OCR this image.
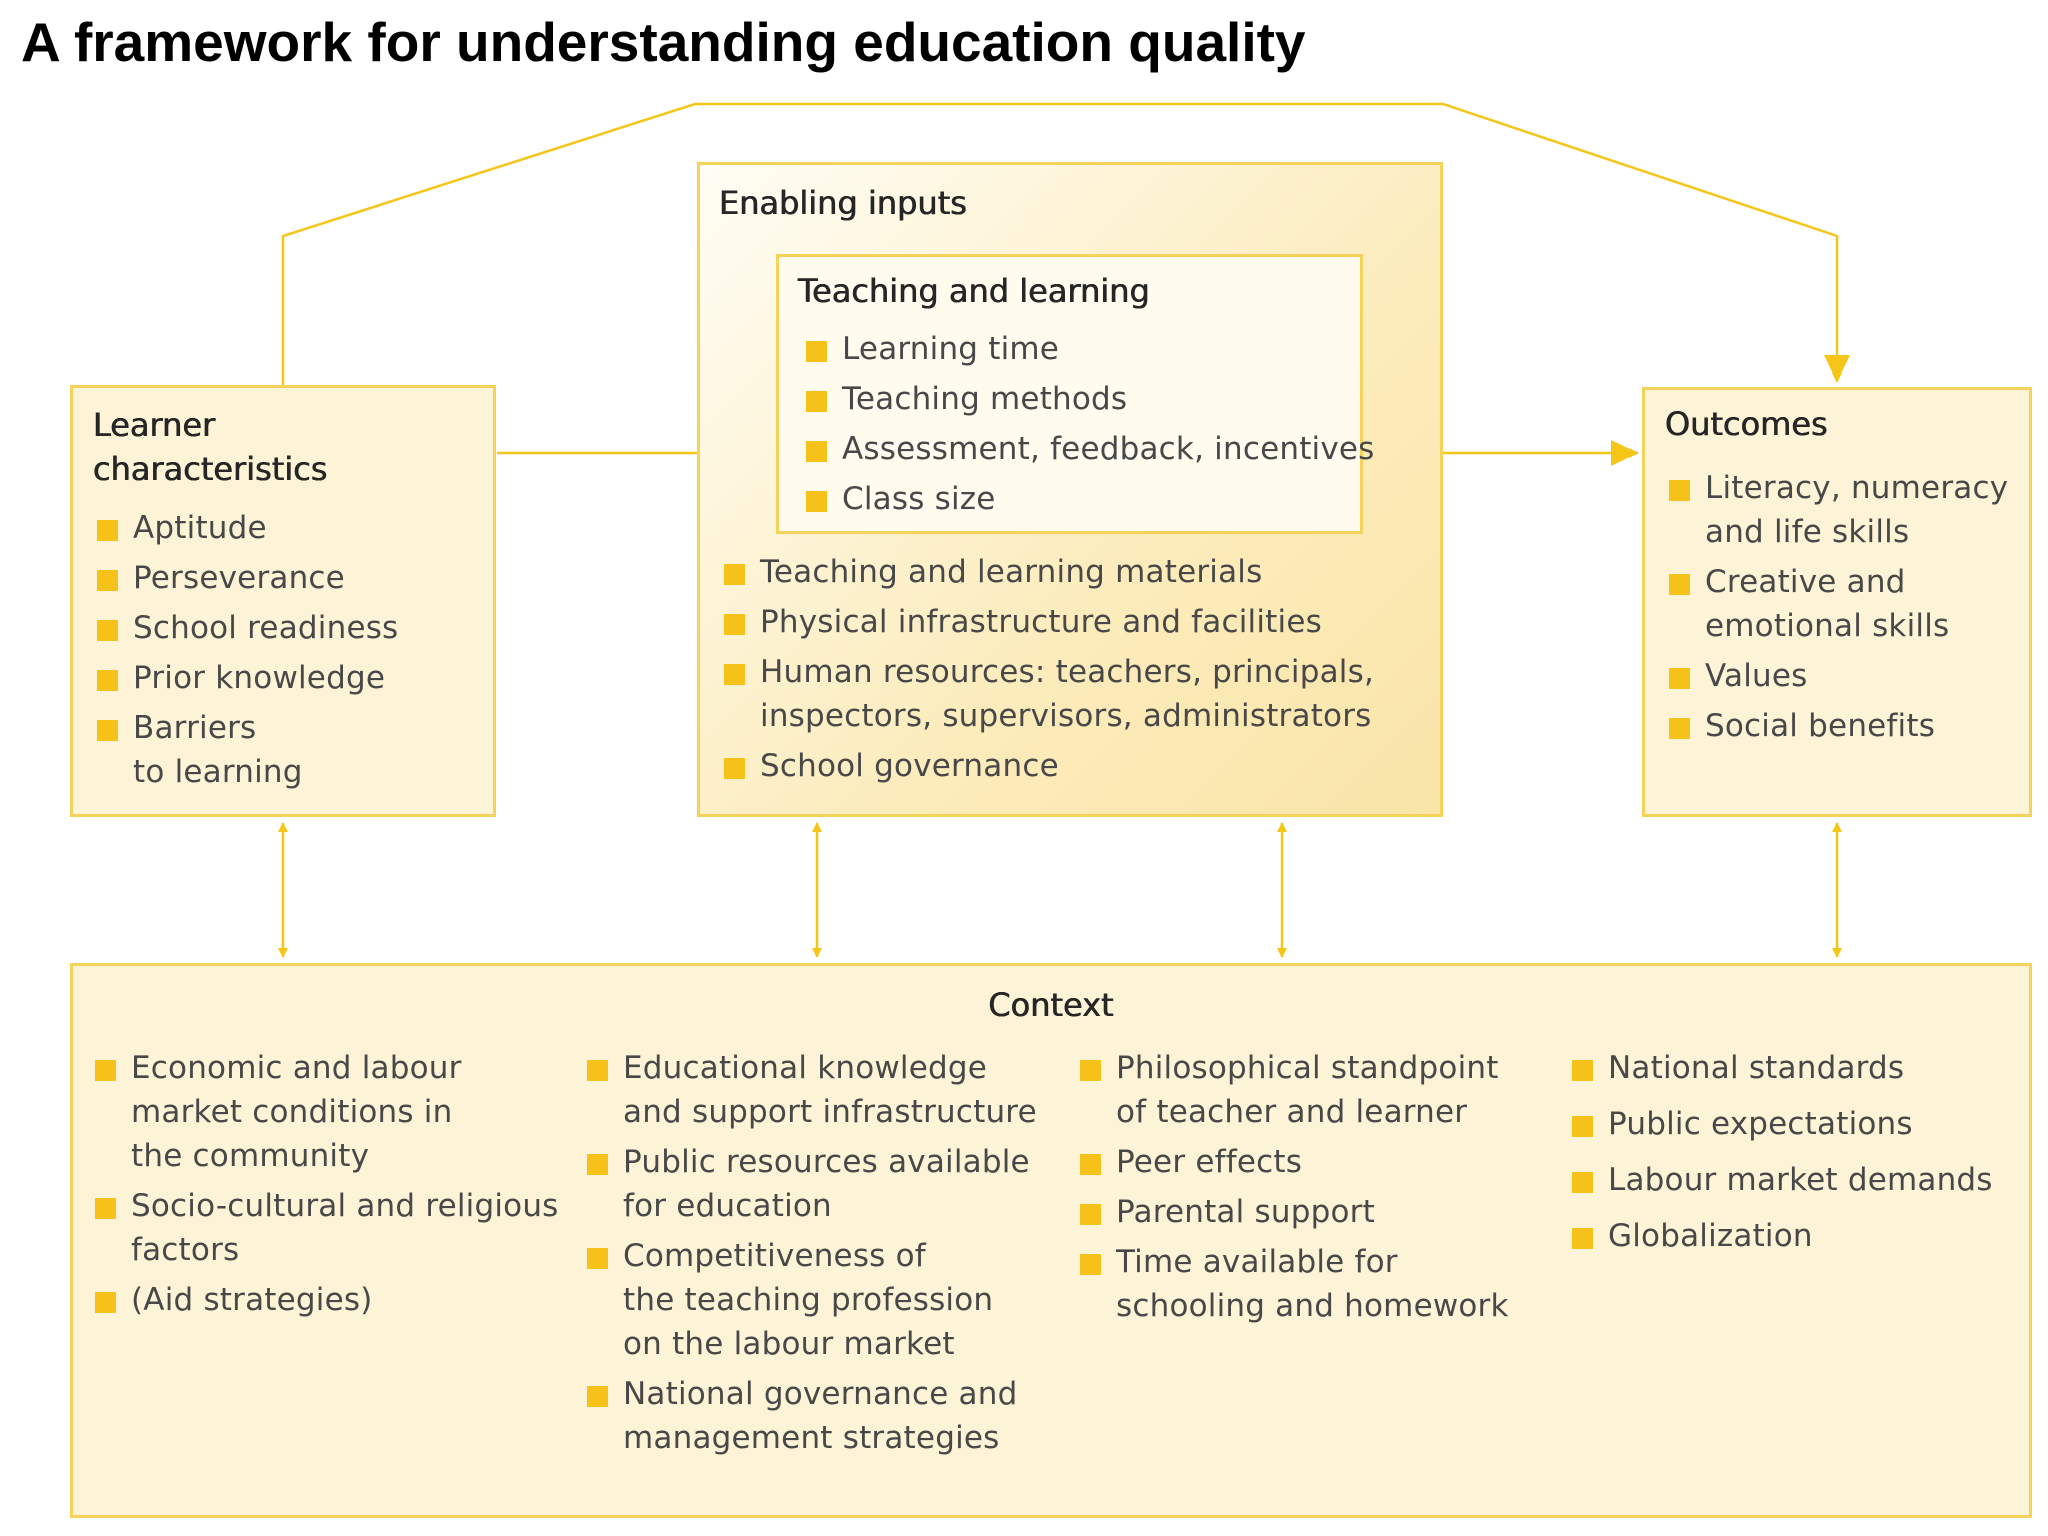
A framework for understanding education quality
Learner
characteristics
Aptitude
Perseverance
School readiness
Prior knowledge
Barriers
to learning
Enabling inputs
Teaching and learning materials
Physical infrastructure and facilities
Human resources: teachers, principals,
inspectors, supervisors, administrators
School governance
Teaching and learning
Learning time
Teaching methods
Assessment, feedback, incentives
Class size
Outcomes
Literacy, numeracy
and life skills
Creative and
emotional skills
Values
Social benefits
Context
Economic and labour
market conditions in
the community
Socio-cultural and religious
factors
(Aid strategies)
Educational knowledge
and support infrastructure
Public resources available
for education
Competitiveness of
the teaching profession
on the labour market
National governance and
management strategies
Philosophical standpoint
of teacher and learner
Peer effects
Parental support
Time available for
schooling and homework
National standards
Public expectations
Labour market demands
Globalization
